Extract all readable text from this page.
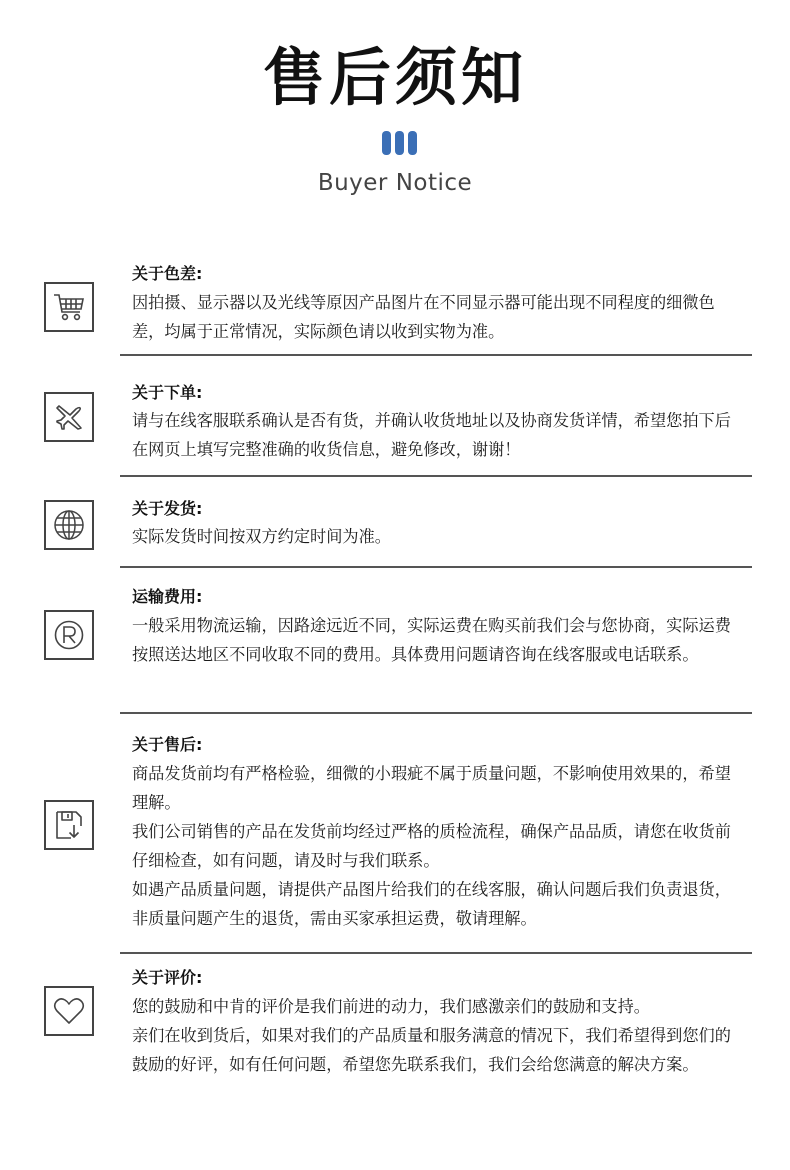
售后须知
Buyer Notice
关于色差:

因拍摄、显示器以及光线等原因产品图片在不同显示器可能出现不同程度的细微色差，均属于正常情况，实际颜色请以收到实物为准。

关于下单:

请与在线客服联系确认是否有货，并确认收货地址以及协商发货详情，希望您拍下后在网页上填写完整准确的收货信息，避免修改，谢谢！

关于发货:

实际发货时间按双方约定时间为准。

运输费用:

一般采用物流运输，因路途远近不同，实际运费在购买前我们会与您协商，实际运费按照送达地区不同收取不同的费用。具体费用问题请咨询在线客服或电话联系。

关于售后:

商品发货前均有严格检验，细微的小瑕疵不属于质量问题，不影响使用效果的，希望理解。

我们公司销售的产品在发货前均经过严格的质检流程，确保产品品质，请您在收货前仔细检查，如有问题，请及时与我们联系。

如遇产品质量问题，请提供产品图片给我们的在线客服，确认问题后我们负责退货，非质量问题产生的退货，需由买家承担运费，敬请理解。

关于评价:

您的鼓励和中肯的评价是我们前进的动力，我们感激亲们的鼓励和支持。

亲们在收到货后，如果对我们的产品质量和服务满意的情况下，我们希望得到您们的鼓励的好评，如有任何问题，希望您先联系我们，我们会给您满意的解决方案。
